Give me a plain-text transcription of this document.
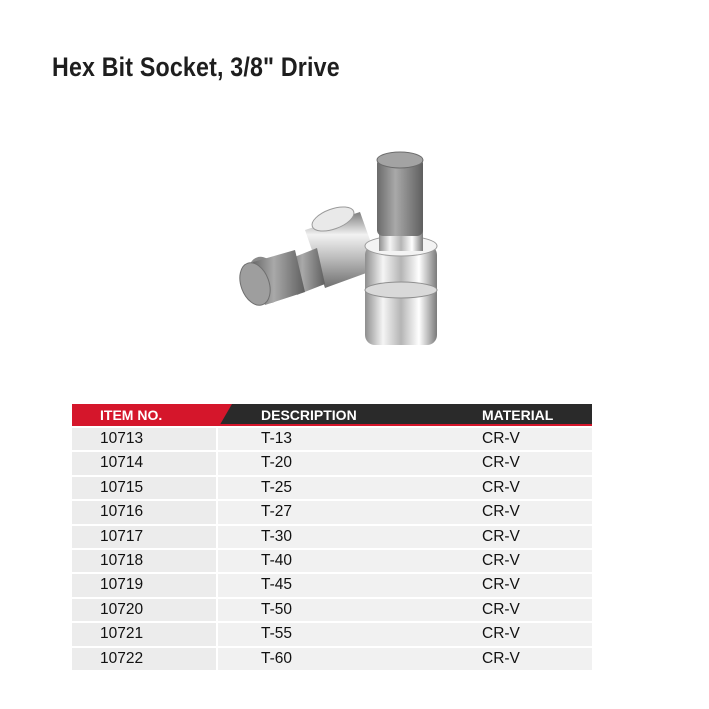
Hex Bit Socket, 3/8" Drive
ITEM NO.	DESCRIPTION	MATERIAL
10713	T-13	CR-V
10714	T-20	CR-V
10715	T-25	CR-V
10716	T-27	CR-V
10717	T-30	CR-V
10718	T-40	CR-V
10719	T-45	CR-V
10720	T-50	CR-V
10721	T-55	CR-V
10722	T-60	CR-V
